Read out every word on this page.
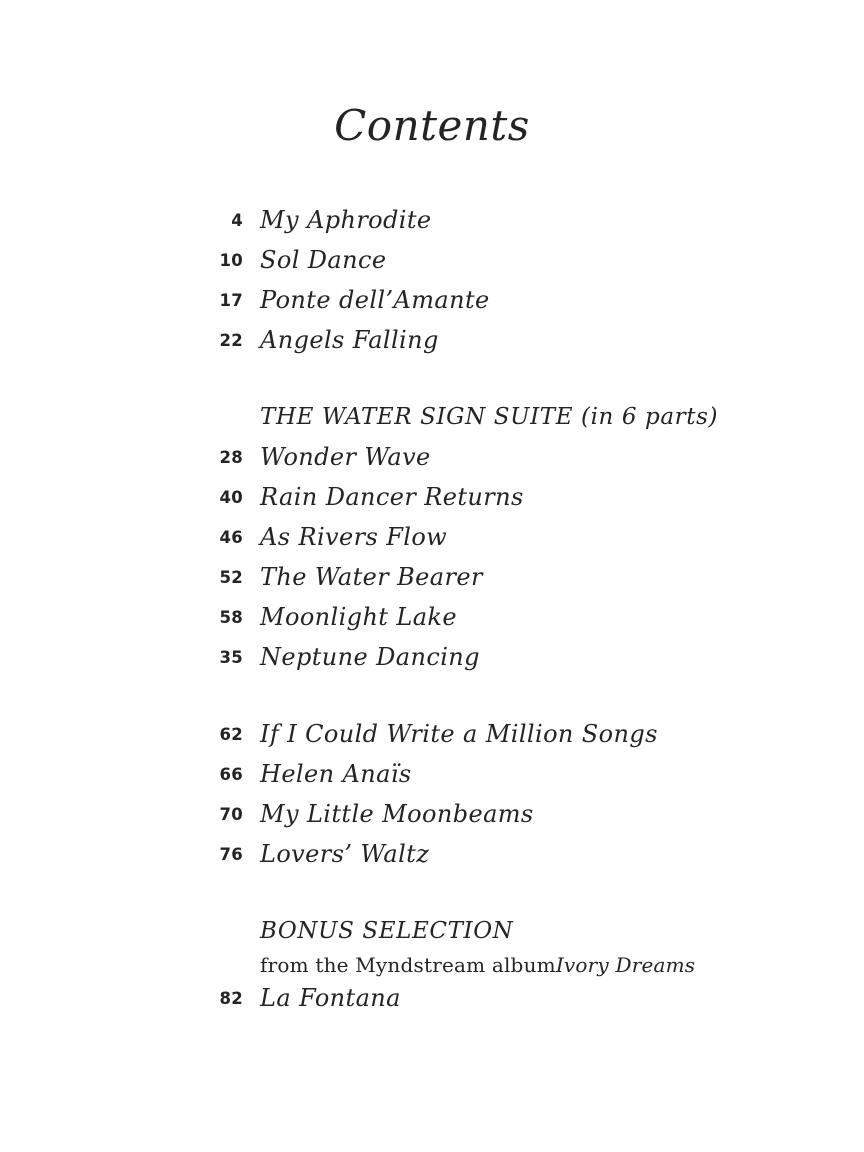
Contents
4 My Aphrodite
10 Sol Dance
17 Ponte dell’Amante
22 Angels Falling
THE WATER SIGN SUITE (in 6 parts)
28 Wonder Wave
40 Rain Dancer Returns
46 As Rivers Flow
52 The Water Bearer
58 Moonlight Lake
35 Neptune Dancing
62 If I Could Write a Million Songs
66 Helen Anaïs
70 My Little Moonbeams
76 Lovers’ Waltz
BONUS SELECTION
from the Myndstream album Ivory Dreams
82 La Fontana
